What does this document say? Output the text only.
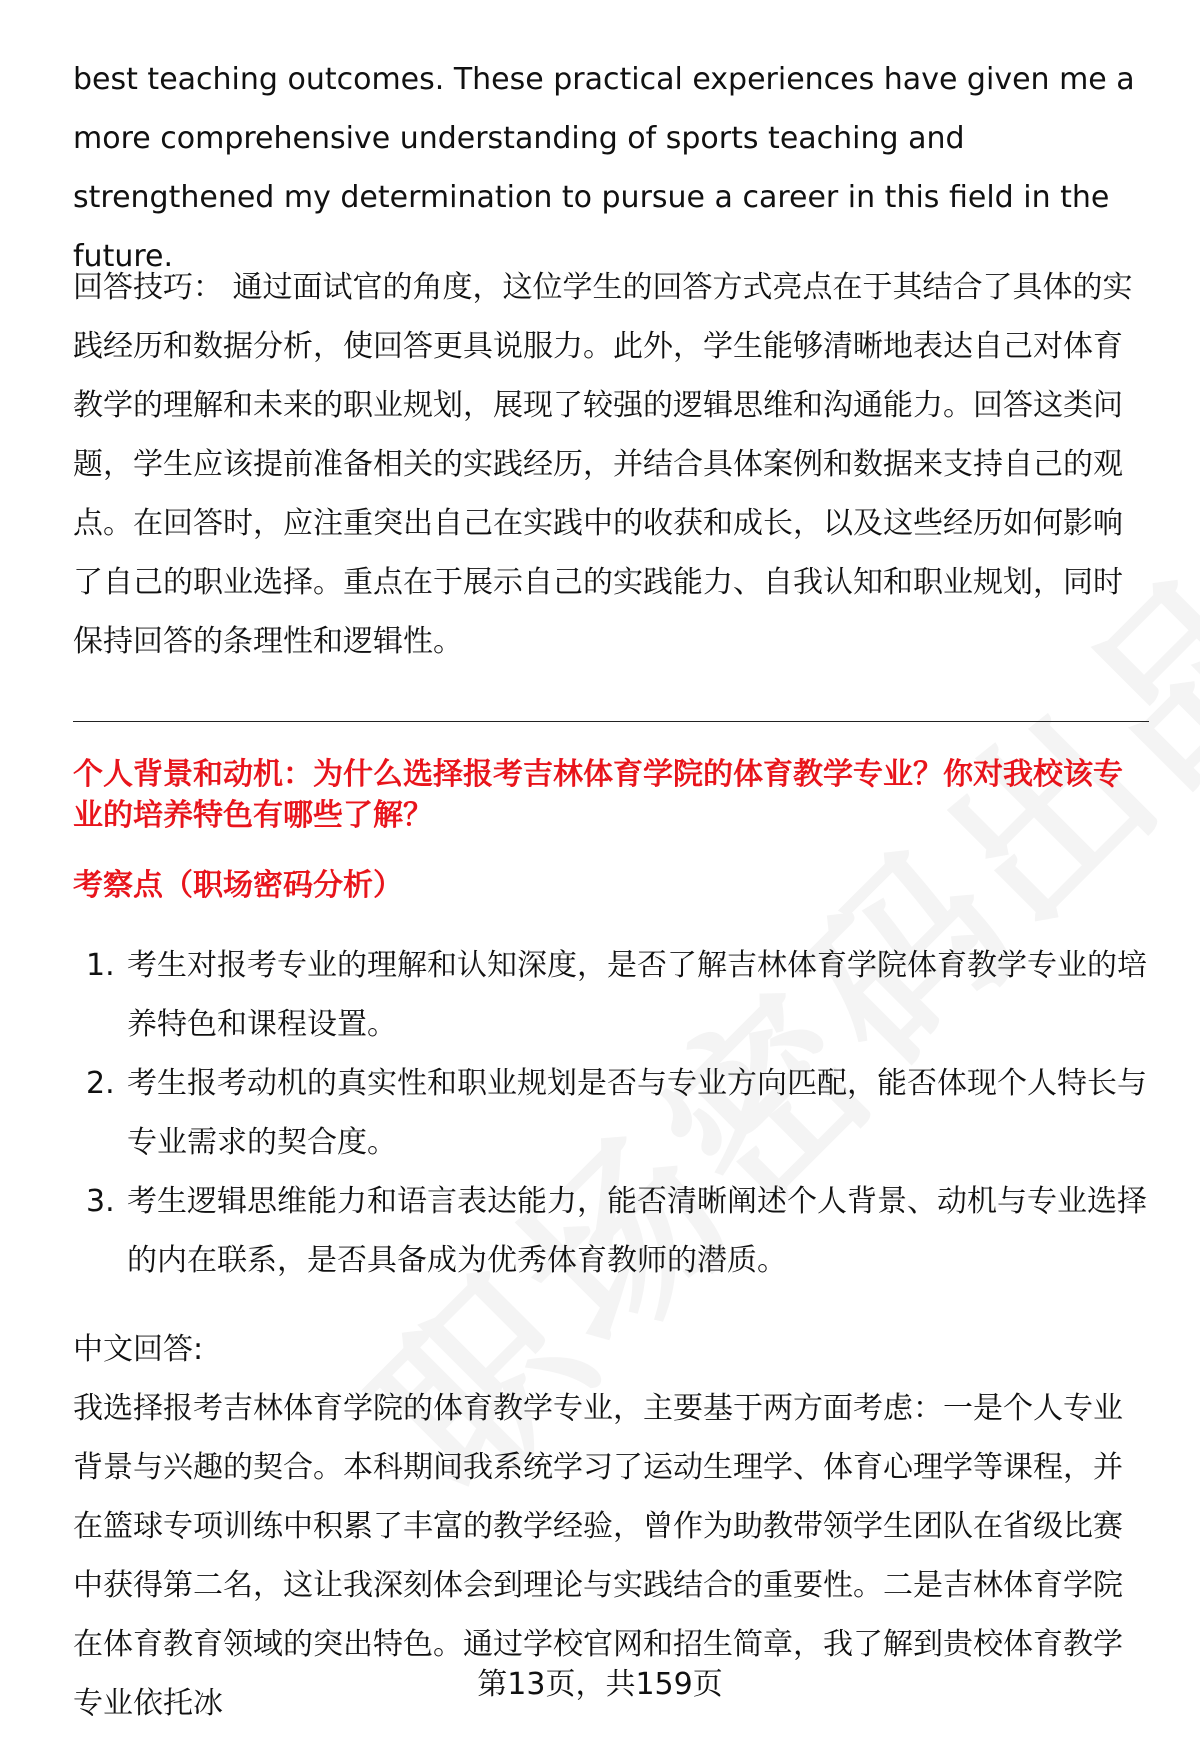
best teaching outcomes. These practical experiences have given me a more comprehensive understanding of sports teaching and strengthened my determination to pursue a career in this field in the future.

回答技巧： 通过面试官的角度，这位学生的回答方式亮点在于其结合了具体的实践经历和数据分析，使回答更具说服力。此外，学生能够清晰地表达自己对体育教学的理解和未来的职业规划，展现了较强的逻辑思维和沟通能力。回答这类问题，学生应该提前准备相关的实践经历，并结合具体案例和数据来支持自己的观点。在回答时，应注重突出自己在实践中的收获和成长，以及这些经历如何影响了自己的职业选择。重点在于展示自己的实践能力、自我认知和职业规划，同时保持回答的条理性和逻辑性。

个人背景和动机：为什么选择报考吉林体育学院的体育教学专业？你对我校该专业的培养特色有哪些了解？
考察点（职场密码分析）
1. 考生对报考专业的理解和认知深度，是否了解吉林体育学院体育教学专业的培养特色和课程设置。
2. 考生报考动机的真实性和职业规划是否与专业方向匹配，能否体现个人特长与专业需求的契合度。
3. 考生逻辑思维能力和语言表达能力，能否清晰阐述个人背景、动机与专业选择的内在联系，是否具备成为优秀体育教师的潜质。
中文回答:

我选择报考吉林体育学院的体育教学专业，主要基于两方面考虑：一是个人专业背景与兴趣的契合。本科期间我系统学习了运动生理学、体育心理学等课程，并在篮球专项训练中积累了丰富的教学经验，曾作为助教带领学生团队在省级比赛中获得第二名，这让我深刻体会到理论与实践结合的重要性。二是吉林体育学院在体育教育领域的突出特色。通过学校官网和招生简章，我了解到贵校体育教学专业依托冰

第13页，共159页
